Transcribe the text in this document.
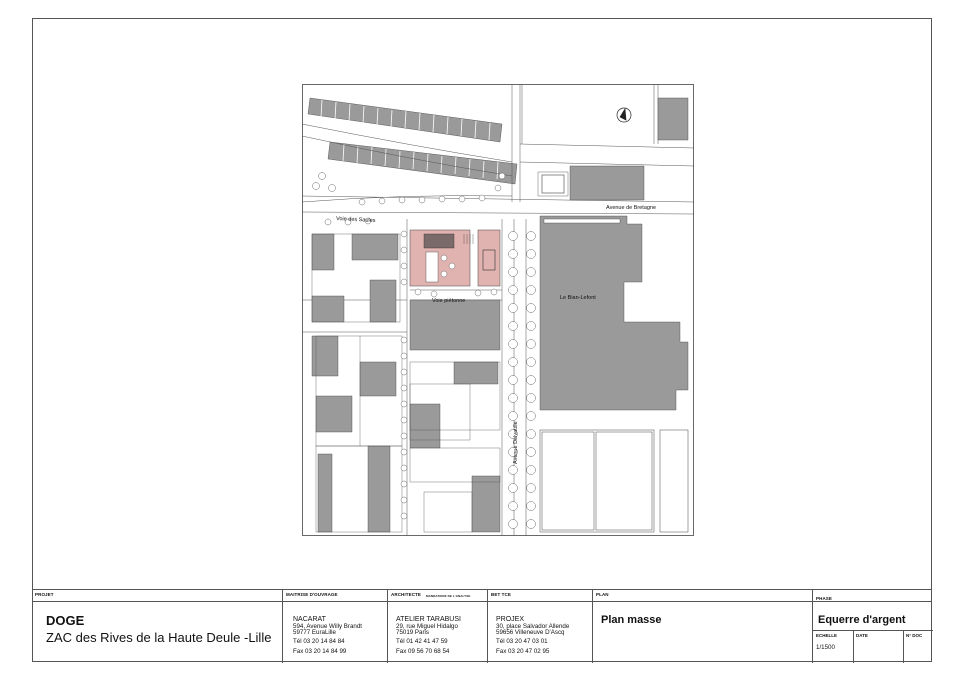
Voie des Saules
Avenue de Bretagne
Voie piétonne	Le Bian-Lefont
Avenue Delvaulle
PROJET
DOGE
ZAC des Rives de la Haute Deule -Lille
MAITRISE D'OUVRAGE
NACARAT
594, Avenue Willy Brandt
59777 EuraLille
Tél 03 20 14 84 84
Fax 03 20 14 84 99
ARCHITECTE MANDATAIRE DE L'ANALYSE
ATELIER TARABUSI
29, rue Miguel Hidalgo
75019 Paris
Tél 01 42 41 47 59
Fax 09 56 70 68 54
BET TCE
PROJEX
30, place Salvador Allende
59656 Villeneuve D'Ascq
Tél 03 20 47 03 01
Fax 03 20 47 02 95
PLAN
Plan masse
PHASE
Equerre d'argent
ECHELLE
1/1500
DATE	N° DOC
